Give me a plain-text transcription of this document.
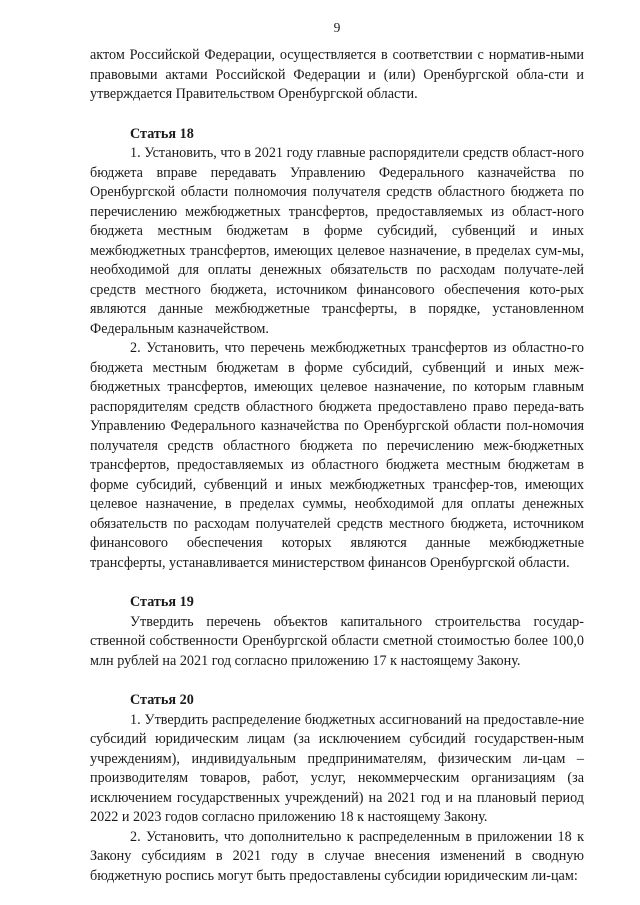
9

актом Российской Федерации, осуществляется в соответствии с норматив-ными правовыми актами Российской Федерации и (или) Оренбургской обла-сти и утверждается Правительством Оренбургской области.

Статья 18

1. Установить, что в 2021 году главные распорядители средств област-ного бюджета вправе передавать Управлению Федерального казначейства по Оренбургской области полномочия получателя средств областного бюджета по перечислению межбюджетных трансфертов, предоставляемых из област-ного бюджета местным бюджетам в форме субсидий, субвенций и иных межбюджетных трансфертов, имеющих целевое назначение, в пределах сум-мы, необходимой для оплаты денежных обязательств по расходам получате-лей средств местного бюджета, источником финансового обеспечения кото-рых являются данные межбюджетные трансферты, в порядке, установленном Федеральным казначейством.

2. Установить, что перечень межбюджетных трансфертов из областно-го бюджета местным бюджетам в форме субсидий, субвенций и иных меж-бюджетных трансфертов, имеющих целевое назначение, по которым главным распорядителям средств областного бюджета предоставлено право переда-вать Управлению Федерального казначейства по Оренбургской области пол-номочия получателя средств областного бюджета по перечислению меж-бюджетных трансфертов, предоставляемых из областного бюджета местным бюджетам в форме субсидий, субвенций и иных межбюджетных трансфер-тов, имеющих целевое назначение, в пределах суммы, необходимой для оплаты денежных обязательств по расходам получателей средств местного бюджета, источником финансового обеспечения которых являются данные межбюджетные трансферты, устанавливается министерством финансов Оренбургской области.

Статья 19

Утвердить перечень объектов капитального строительства государ-ственной собственности Оренбургской области сметной стоимостью более 100,0 млн рублей на 2021 год согласно приложению 17 к настоящему Закону.

Статья 20

1. Утвердить распределение бюджетных ассигнований на предоставле-ние субсидий юридическим лицам (за исключением субсидий государствен-ным учреждениям), индивидуальным предпринимателям, физическим ли-цам – производителям товаров, работ, услуг, некоммерческим организациям (за исключением государственных учреждений) на 2021 год и на плановый период 2022 и 2023 годов согласно приложению 18 к настоящему Закону.

2. Установить, что дополнительно к распределенным в приложении 18 к Закону субсидиям в 2021 году в случае внесения изменений в сводную бюджетную роспись могут быть предоставлены субсидии юридическим ли-цам:
